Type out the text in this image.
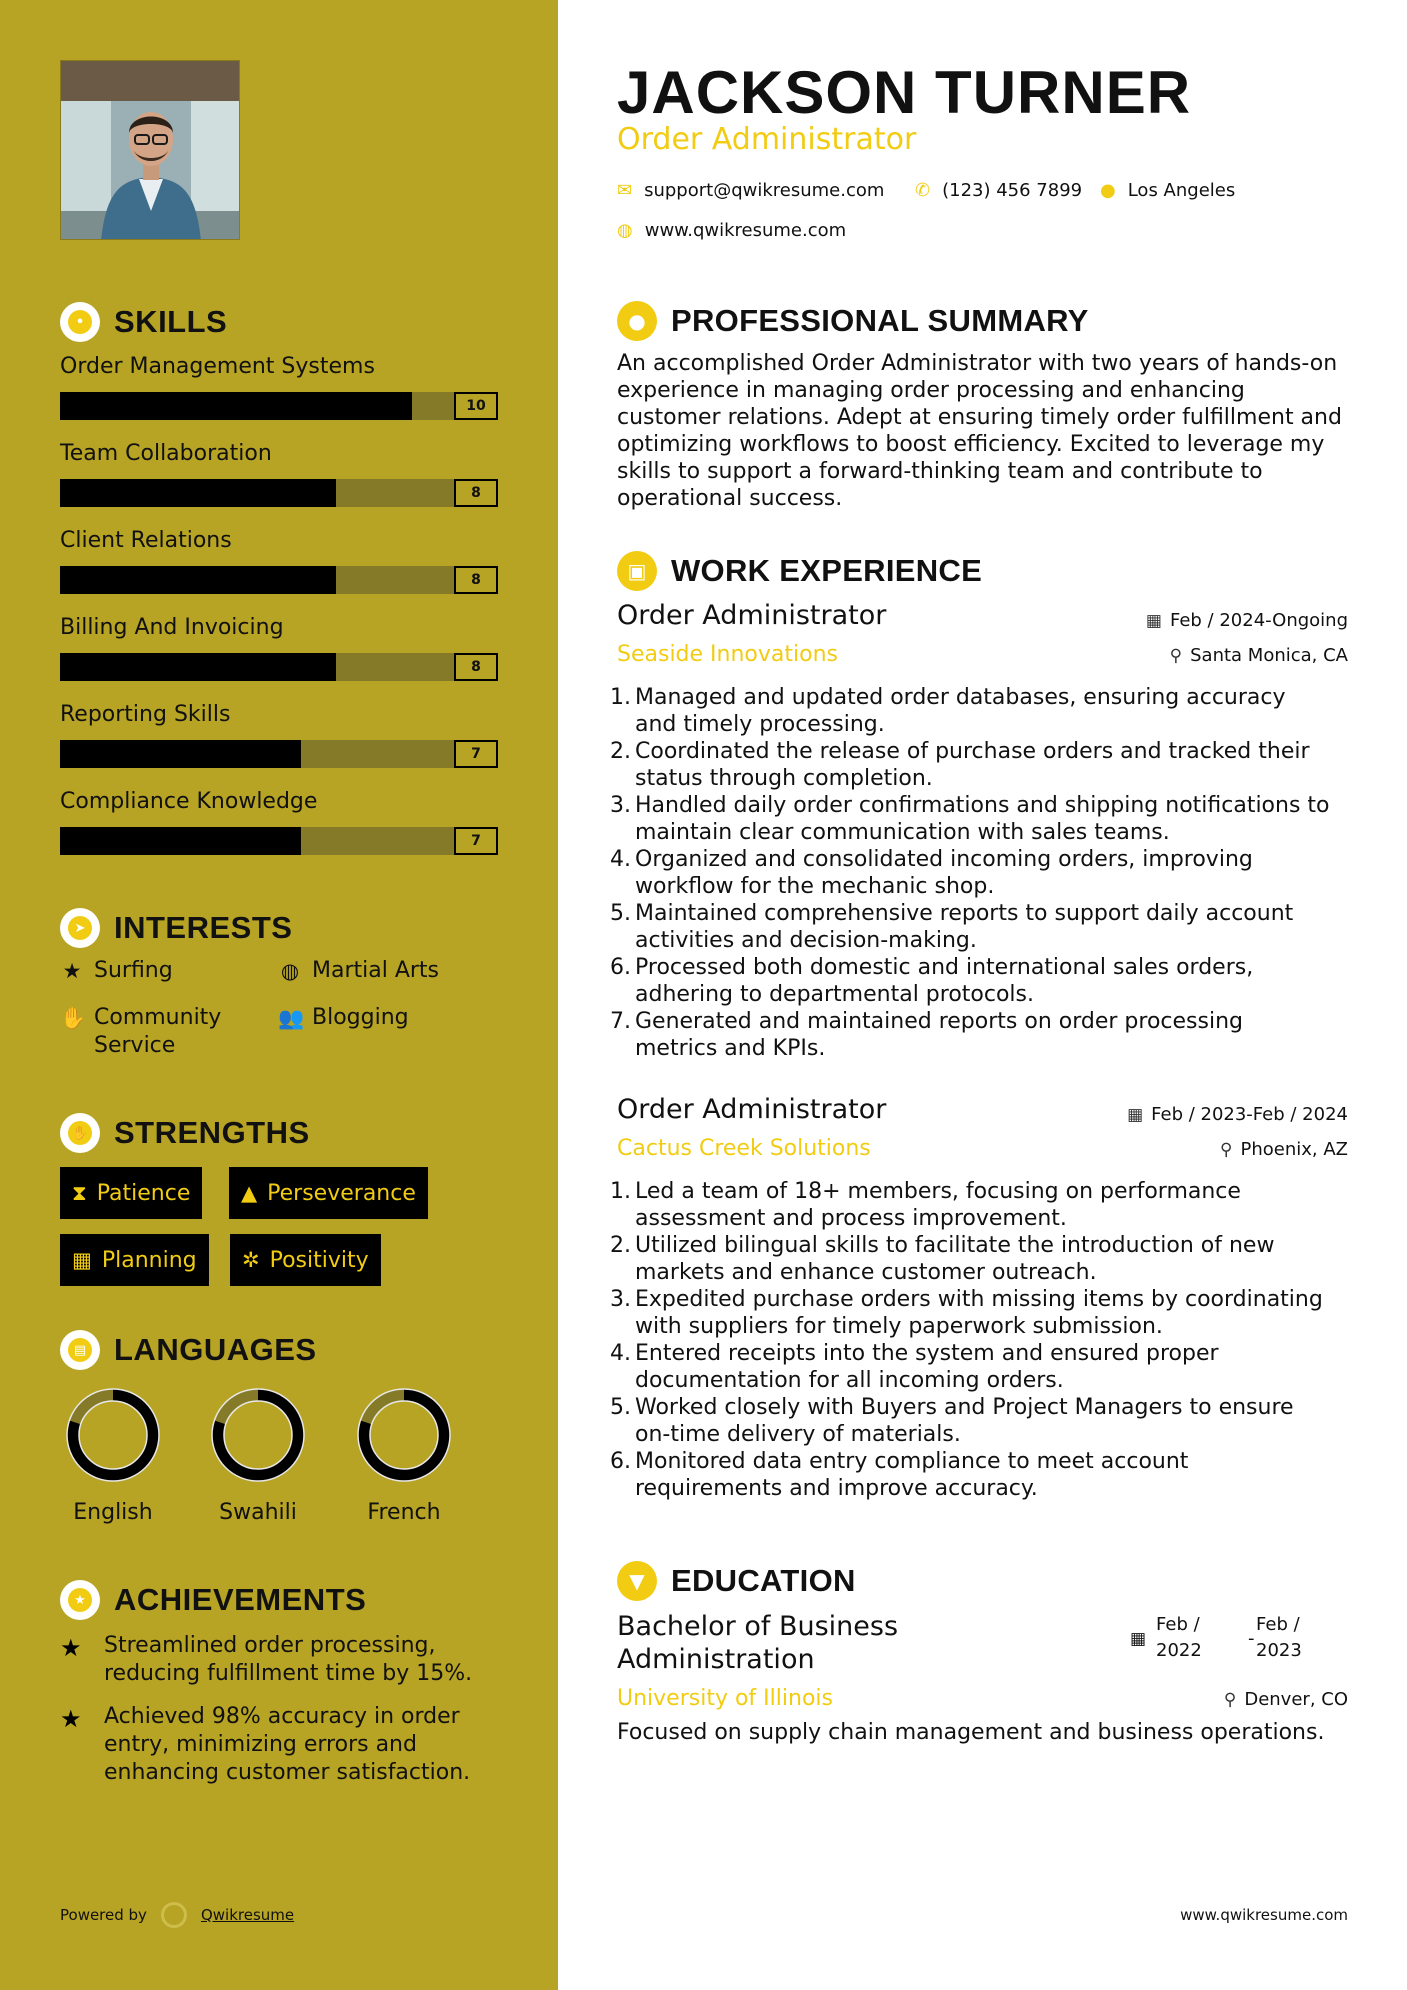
• SKILLS
Order Management Systems
10
Team Collaboration
8
Client Relations
8
Billing And Invoicing
8
Reporting Skills
7
Compliance Knowledge
7
➤ INTERESTS
★ Surfing	◍ Martial Arts
✋ Community Service
👥 Blogging
✋ STRENGTHS
⧗ Patience ▲ Perseverance
▦ Planning ✲ Positivity
▤ LANGUAGES
English	Swahili	French
★ ACHIEVEMENTS
★	Streamlined order processing, reducing fulfillment time by 15%.
★	Achieved 98% accuracy in order entry, minimizing errors and enhancing customer satisfaction.
Powered by	Qwikresume
JACKSON TURNER
Order Administrator
✉ support@qwikresume.com ✆ (123) 456 7899 ● Los Angeles
◍ www.qwikresume.com
● PROFESSIONAL SUMMARY
An accomplished Order Administrator with two years of hands-on experience in managing order processing and enhancing customer relations. Adept at ensuring timely order fulfillment and optimizing workflows to boost efficiency. Excited to leverage my skills to support a forward-thinking team and contribute to operational success.
▣ WORK EXPERIENCE
Order Administrator
Seaside Innovations
▦ Feb / 2024-Ongoing
⚲ Santa Monica, CA
1. Managed and updated order databases, ensuring accuracy
and timely processing.
2. Coordinated the release of purchase orders and tracked their
status through completion.
3. Handled daily order confirmations and shipping notifications to
maintain clear communication with sales teams.
4. Organized and consolidated incoming orders, improving
workflow for the mechanic shop.
5. Maintained comprehensive reports to support daily account
activities and decision-making.
6. Processed both domestic and international sales orders,
adhering to departmental protocols.
7. Generated and maintained reports on order processing
metrics and KPIs.
Order Administrator
Cactus Creek Solutions
▦ Feb / 2023-Feb / 2024
⚲ Phoenix, AZ
1. Led a team of 18+ members, focusing on performance
assessment and process improvement.
2. Utilized bilingual skills to facilitate the introduction of new
markets and enhance customer outreach.
3. Expedited purchase orders with missing items by coordinating
with suppliers for timely paperwork submission.
4. Entered receipts into the system and ensured proper
documentation for all incoming orders.
5. Worked closely with Buyers and Project Managers to ensure
on-time delivery of materials.
6. Monitored data entry compliance to meet account
requirements and improve accuracy.
▼ EDUCATION
Bachelor of Business
Administration
▦
Feb /
2022
-
Feb /
2023
University of Illinois	⚲ Denver, CO
Focused on supply chain management and business operations.
www.qwikresume.com
